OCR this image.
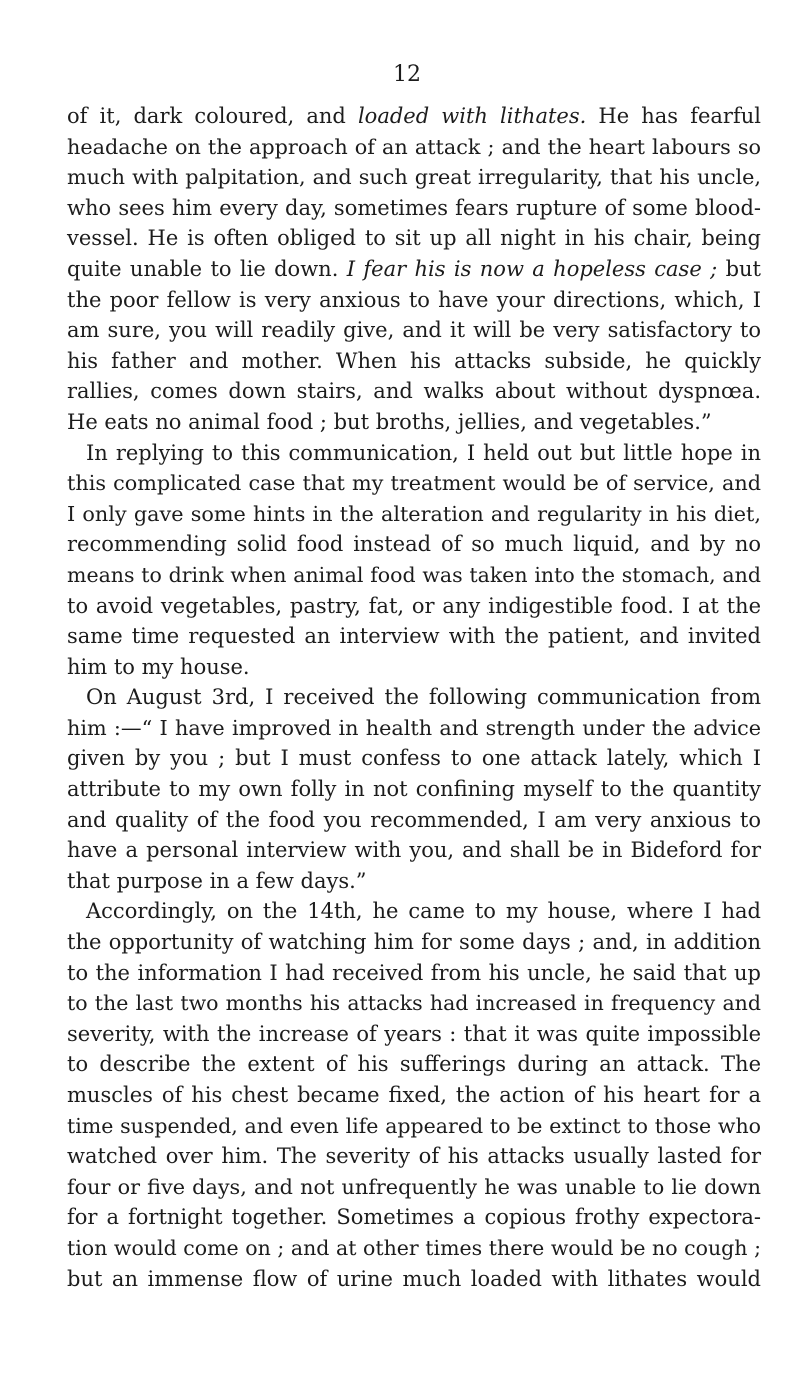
12
of it, dark coloured, and loaded with lithates. He has fearful
headache on the approach of an attack ; and the heart labours so
much with palpitation, and such great irregularity, that his uncle,
who sees him every day, sometimes fears rupture of some blood-
vessel. He is often obliged to sit up all night in his chair, being
quite unable to lie down. I fear his is now a hopeless case ; but
the poor fellow is very anxious to have your directions, which, I
am sure, you will readily give, and it will be very satisfactory to
his father and mother. When his attacks subside, he quickly
rallies, comes down stairs, and walks about without dyspnœa.
He eats no animal food ; but broths, jellies, and vegetables.”
In replying to this communication, I held out but little hope in
this complicated case that my treatment would be of service, and
I only gave some hints in the alteration and regularity in his diet,
recommending solid food instead of so much liquid, and by no
means to drink when animal food was taken into the stomach, and
to avoid vegetables, pastry, fat, or any indigestible food. I at the
same time requested an interview with the patient, and invited
him to my house.
On August 3rd, I received the following communication from
him :—“ I have improved in health and strength under the advice
given by you ; but I must confess to one attack lately, which I
attribute to my own folly in not confining myself to the quantity
and quality of the food you recommended, I am very anxious to
have a personal interview with you, and shall be in Bideford for
that purpose in a few days.”
Accordingly, on the 14th, he came to my house, where I had
the opportunity of watching him for some days ; and, in addition
to the information I had received from his uncle, he said that up
to the last two months his attacks had increased in frequency and
severity, with the increase of years : that it was quite impossible
to describe the extent of his sufferings during an attack. The
muscles of his chest became fixed, the action of his heart for a
time suspended, and even life appeared to be extinct to those who
watched over him. The severity of his attacks usually lasted for
four or five days, and not unfrequently he was unable to lie down
for a fortnight together. Sometimes a copious frothy expectora-
tion would come on ; and at other times there would be no cough ;
but an immense flow of urine much loaded with lithates would
